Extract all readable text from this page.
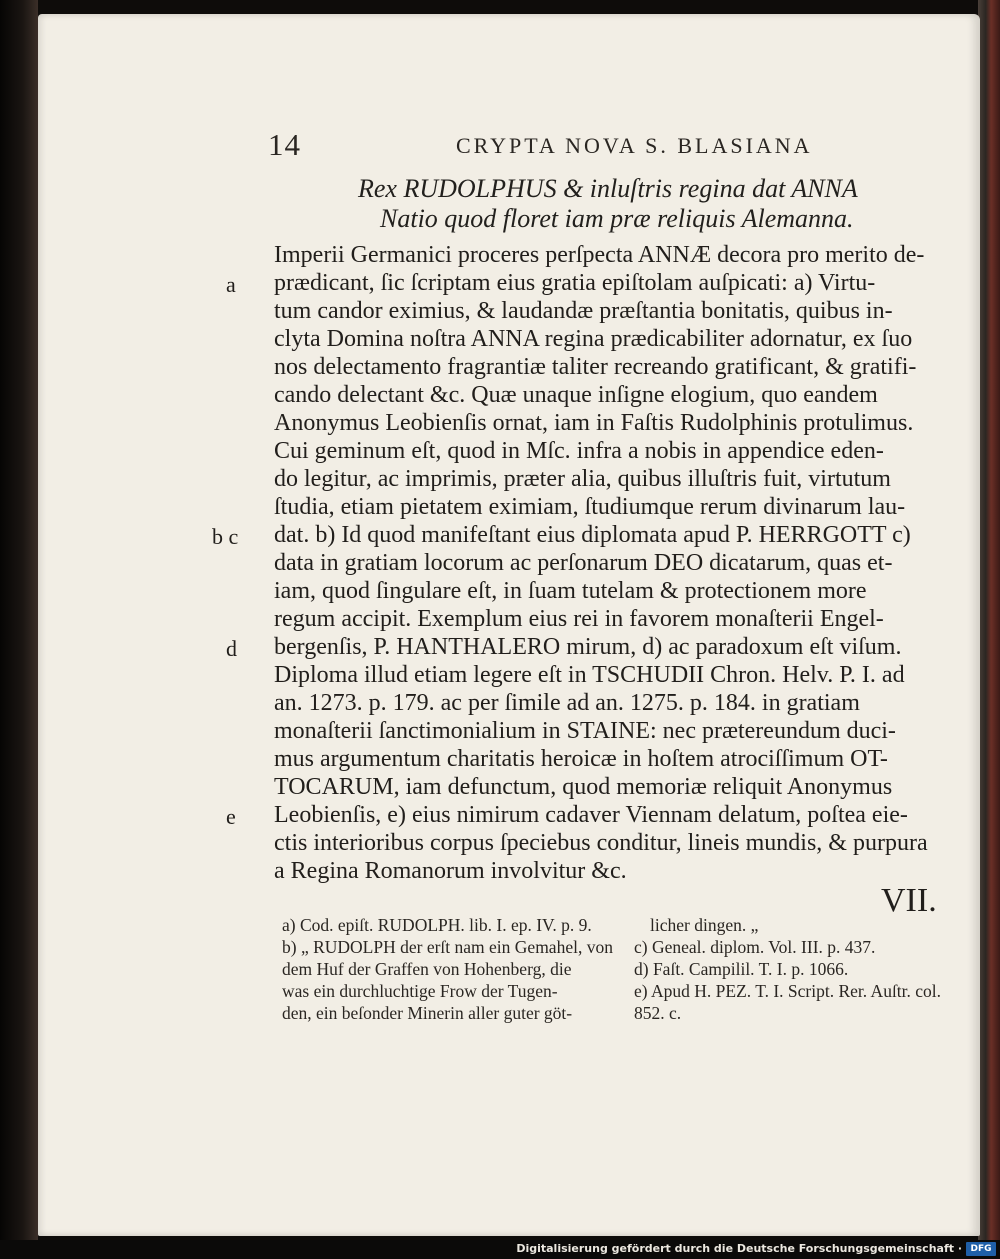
14	CRYPTA NOVA S. BLASIANA
Rex RUDOLPHUS & inluſtris regina dat ANNA
Natio quod floret iam præ reliquis Alemanna.
Imperii Germanici proceres perſpecta ANNÆ decora pro merito de-
prædicant, ſic ſcriptam eius gratia epiſtolam auſpicati: a) Virtu-
tum candor eximius, & laudandæ præſtantia bonitatis, quibus in-
clyta Domina noſtra ANNA regina prædicabiliter adornatur, ex ſuo
nos delectamento fragrantiæ taliter recreando gratificant, & gratifi-
cando delectant &c. Quæ unaque inſigne elogium, quo eandem
Anonymus Leobienſis ornat, iam in Faſtis Rudolphinis protulimus.
Cui geminum eſt, quod in Mſc. infra a nobis in appendice eden-
do legitur, ac imprimis, præter alia, quibus illuſtris fuit, virtutum
ſtudia, etiam pietatem eximiam, ſtudiumque rerum divinarum lau-
dat. b) Id quod manifeſtant eius diplomata apud P. HERRGOTT c)
data in gratiam locorum ac perſonarum DEO dicatarum, quas et-
iam, quod ſingulare eſt, in ſuam tutelam & protectionem more
regum accipit. Exemplum eius rei in favorem monaſterii Engel-
bergenſis, P. HANTHALERO mirum, d) ac paradoxum eſt viſum.
Diploma illud etiam legere eſt in TSCHUDII Chron. Helv. P. I. ad
an. 1273. p. 179. ac per ſimile ad an. 1275. p. 184. in gratiam
monaſterii ſanctimonialium in STAINE: nec prætereundum duci-
mus argumentum charitatis heroicæ in hoſtem atrociſſimum OT-
TOCARUM, iam defunctum, quod memoriæ reliquit Anonymus
Leobienſis, e) eius nimirum cadaver Viennam delatum, poſtea eie-
ctis interioribus corpus ſpeciebus conditur, lineis mundis, & purpura
a Regina Romanorum involvitur &c.
a
b c
d
e
VII.
a) Cod. epiſt. RUDOLPH. lib. I. ep. IV. p. 9.
b) „ RUDOLPH der erſt nam ein Gemahel, von
dem Huf der Graffen von Hohenberg, die
was ein durchluchtige Frow der Tugen-
den, ein beſonder Minerin aller guter göt-
licher dingen. „
c) Geneal. diplom. Vol. III. p. 437.
d) Faſt. Campilil. T. I. p. 1066.
e) Apud H. PEZ. T. I. Script. Rer. Auſtr. col.
852. c.
Digitalisierung gefördert durch die Deutsche Forschungsgemeinschaft · DFG
